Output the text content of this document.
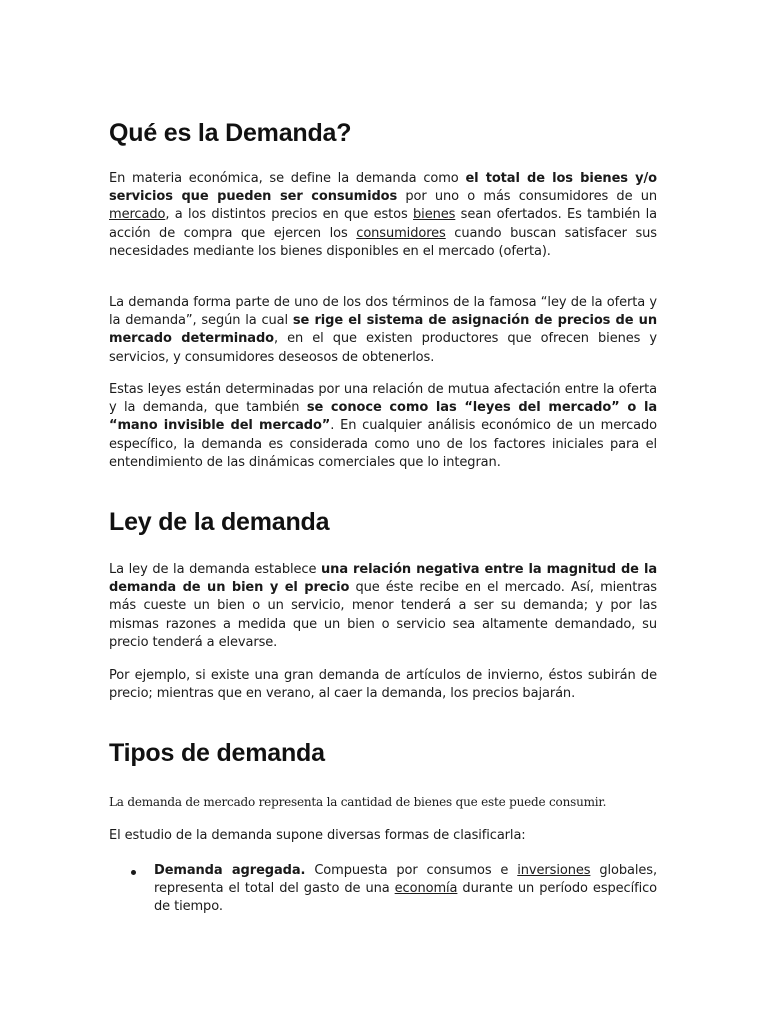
Qué es la Demanda?

En materia económica, se define la demanda como el total de los bienes y/o servicios que pueden ser consumidos por uno o más consumidores de un mercado, a los distintos precios en que estos bienes sean ofertados. Es también la acción de compra que ejercen los consumidores cuando buscan satisfacer sus necesidades mediante los bienes disponibles en el mercado (oferta).

La demanda forma parte de uno de los dos términos de la famosa “ley de la oferta y la demanda”, según la cual se rige el sistema de asignación de precios de un mercado determinado, en el que existen productores que ofrecen bienes y servicios, y consumidores deseosos de obtenerlos.

Estas leyes están determinadas por una relación de mutua afectación entre la oferta y la demanda, que también se conoce como las “leyes del mercado” o la “mano invisible del mercado”. En cualquier análisis económico de un mercado específico, la demanda es considerada como uno de los factores iniciales para el entendimiento de las dinámicas comerciales que lo integran.

Ley de la demanda

La ley de la demanda establece una relación negativa entre la magnitud de la demanda de un bien y el precio que éste recibe en el mercado. Así, mientras más cueste un bien o un servicio, menor tenderá a ser su demanda; y por las mismas razones a medida que un bien o servicio sea altamente demandado, su precio tenderá a elevarse.

Por ejemplo, si existe una gran demanda de artículos de invierno, éstos subirán de precio; mientras que en verano, al caer la demanda, los precios bajarán.

Tipos de demanda

La demanda de mercado representa la cantidad de bienes que este puede consumir.

El estudio de la demanda supone diversas formas de clasificarla:

Demanda agregada. Compuesta por consumos e inversiones globales, representa el total del gasto de una economía durante un período específico de tiempo.
